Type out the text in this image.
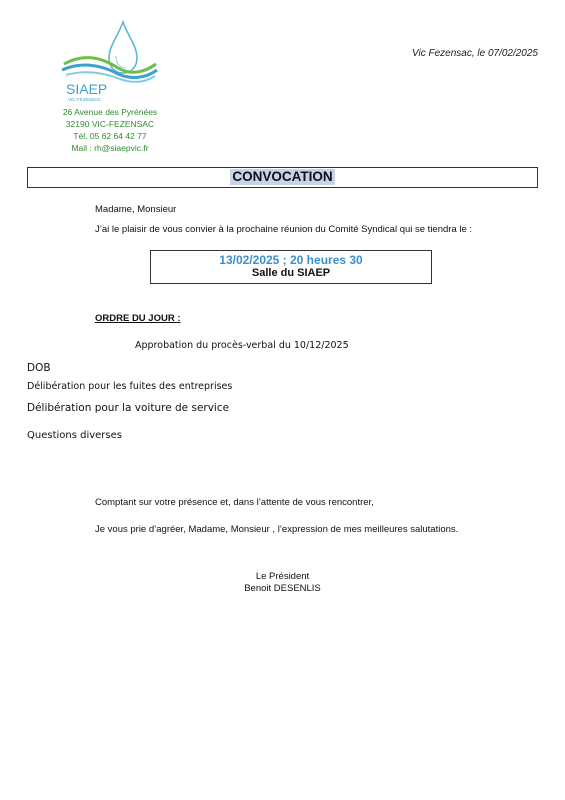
SIAEP
VIC-FEZENSAC
26 Avenue des Pyrénées
32190 VIC-FEZENSAC
Tél. 05 62 64 42 77
Mail : rh@siaepvic.fr
Vic Fezensac, le 07/02/2025
CONVOCATION
Madame, Monsieur
J’ai le plaisir de vous convier à la prochaine réunion du Comité Syndical qui se tiendra le :
13/02/2025 ; 20 heures 30
Salle du SIAEP
ORDRE DU JOUR :
Approbation du procès-verbal du 10/12/2025
DOB
Délibération pour les fuites des entreprises
Délibération pour la voiture de service
Questions diverses
Comptant sur votre présence et, dans l’attente de vous rencontrer,
Je vous prie d’agréer, Madame, Monsieur , l’expression de mes meilleures salutations.
Le Président
Benoit DESENLIS
